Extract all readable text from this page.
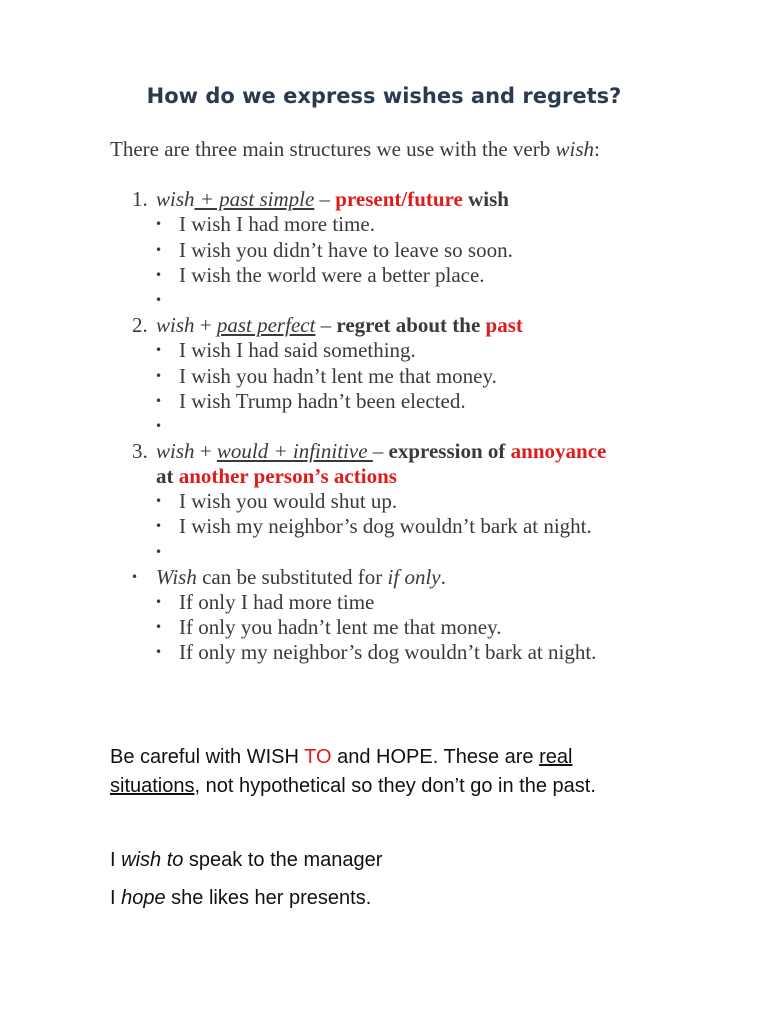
How do we express wishes and regrets?

There are three main structures we use with the verb wish:

1. wish + past simple – present/future wish
• I wish I had more time.
• I wish you didn’t have to leave so soon.
• I wish the world were a better place.
•
2. wish + past perfect – regret about the past
• I wish I had said something.
• I wish you hadn’t lent me that money.
• I wish Trump hadn’t been elected.
•
3. wish + would + infinitive – expression of annoyance
at another person’s actions
• I wish you would shut up.
• I wish my neighbor’s dog wouldn’t bark at night.
•
• Wish can be substituted for if only.
• If only I had more time
• If only you hadn’t lent me that money.
• If only my neighbor’s dog wouldn’t bark at night.

Be careful with WISH TO and HOPE. These are real
situations, not hypothetical so they don’t go in the past.

I wish to speak to the manager

I hope she likes her presents.
